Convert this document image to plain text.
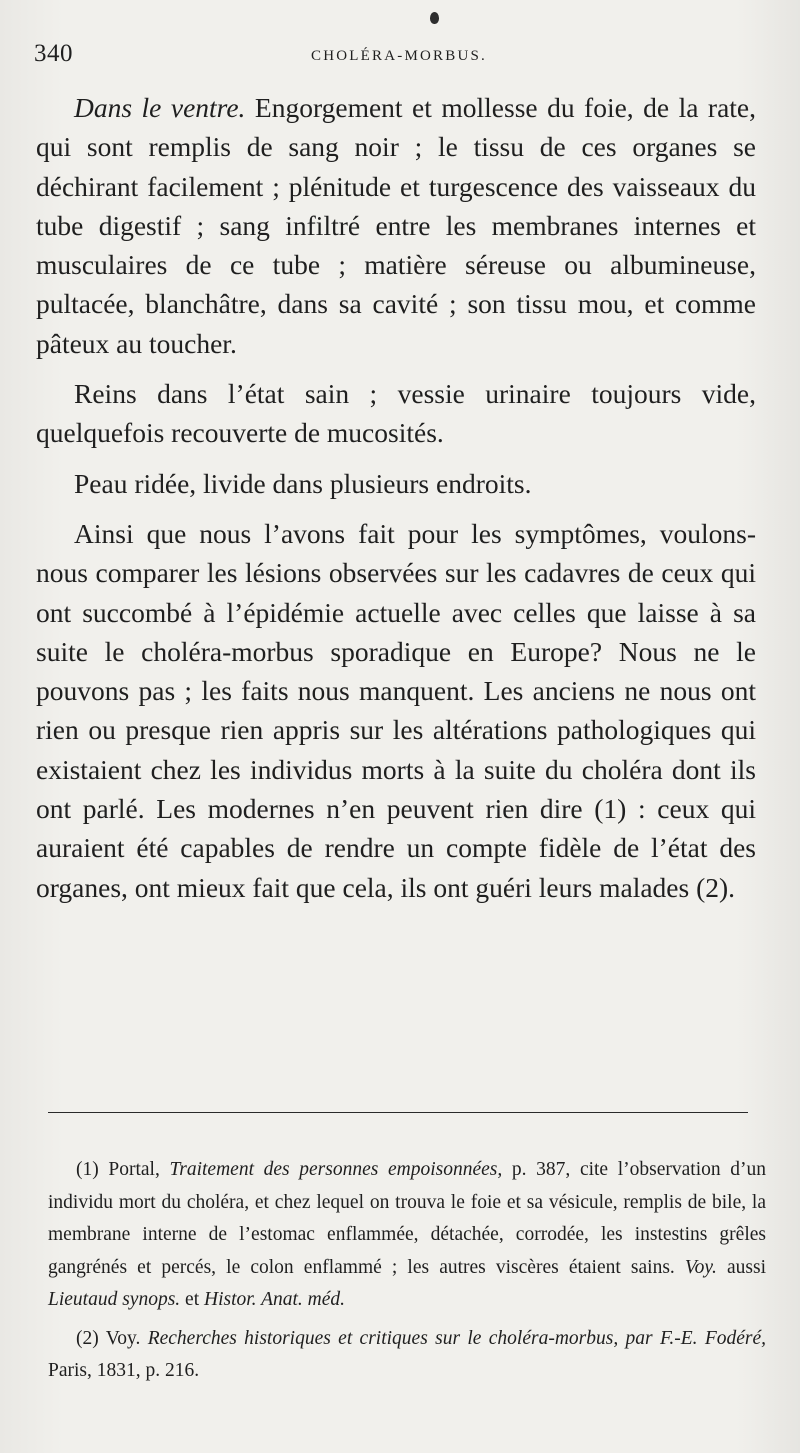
340	CHOLÉRA-MORBUS.

Dans le ventre. Engorgement et mollesse du foie, de la rate, qui sont remplis de sang noir ; le tissu de ces organes se déchirant facilement ; plénitude et turgescence des vaisseaux du tube digestif ; sang infiltré entre les membranes internes et musculaires de ce tube ; matière séreuse ou albumineuse, pultacée, blanchâtre, dans sa cavité ; son tissu mou, et comme pâteux au toucher.

Reins dans l’état sain ; vessie urinaire toujours vide, quelquefois recouverte de mucosités.

Peau ridée, livide dans plusieurs endroits.

Ainsi que nous l’avons fait pour les symptômes, voulons-nous comparer les lésions observées sur les cadavres de ceux qui ont succombé à l’épidémie actuelle avec celles que laisse à sa suite le choléra-morbus sporadique en Europe? Nous ne le pouvons pas ; les faits nous manquent. Les anciens ne nous ont rien ou presque rien appris sur les altérations pathologiques qui existaient chez les individus morts à la suite du choléra dont ils ont parlé. Les modernes n’en peuvent rien dire (1) : ceux qui auraient été capables de rendre un compte fidèle de l’état des organes, ont mieux fait que cela, ils ont guéri leurs malades (2).

(1) Portal, Traitement des personnes empoisonnées, p. 387, cite l’observation d’un individu mort du choléra, et chez lequel on trouva le foie et sa vésicule, remplis de bile, la membrane interne de l’estomac enflammée, détachée, corrodée, les instestins grêles gangrénés et percés, le colon enflammé ; les autres viscères étaient sains. Voy. aussi Lieutaud synops. et Histor. Anat. méd.

(2) Voy. Recherches historiques et critiques sur le choléra-morbus, par F.-E. Fodéré, Paris, 1831, p. 216.
